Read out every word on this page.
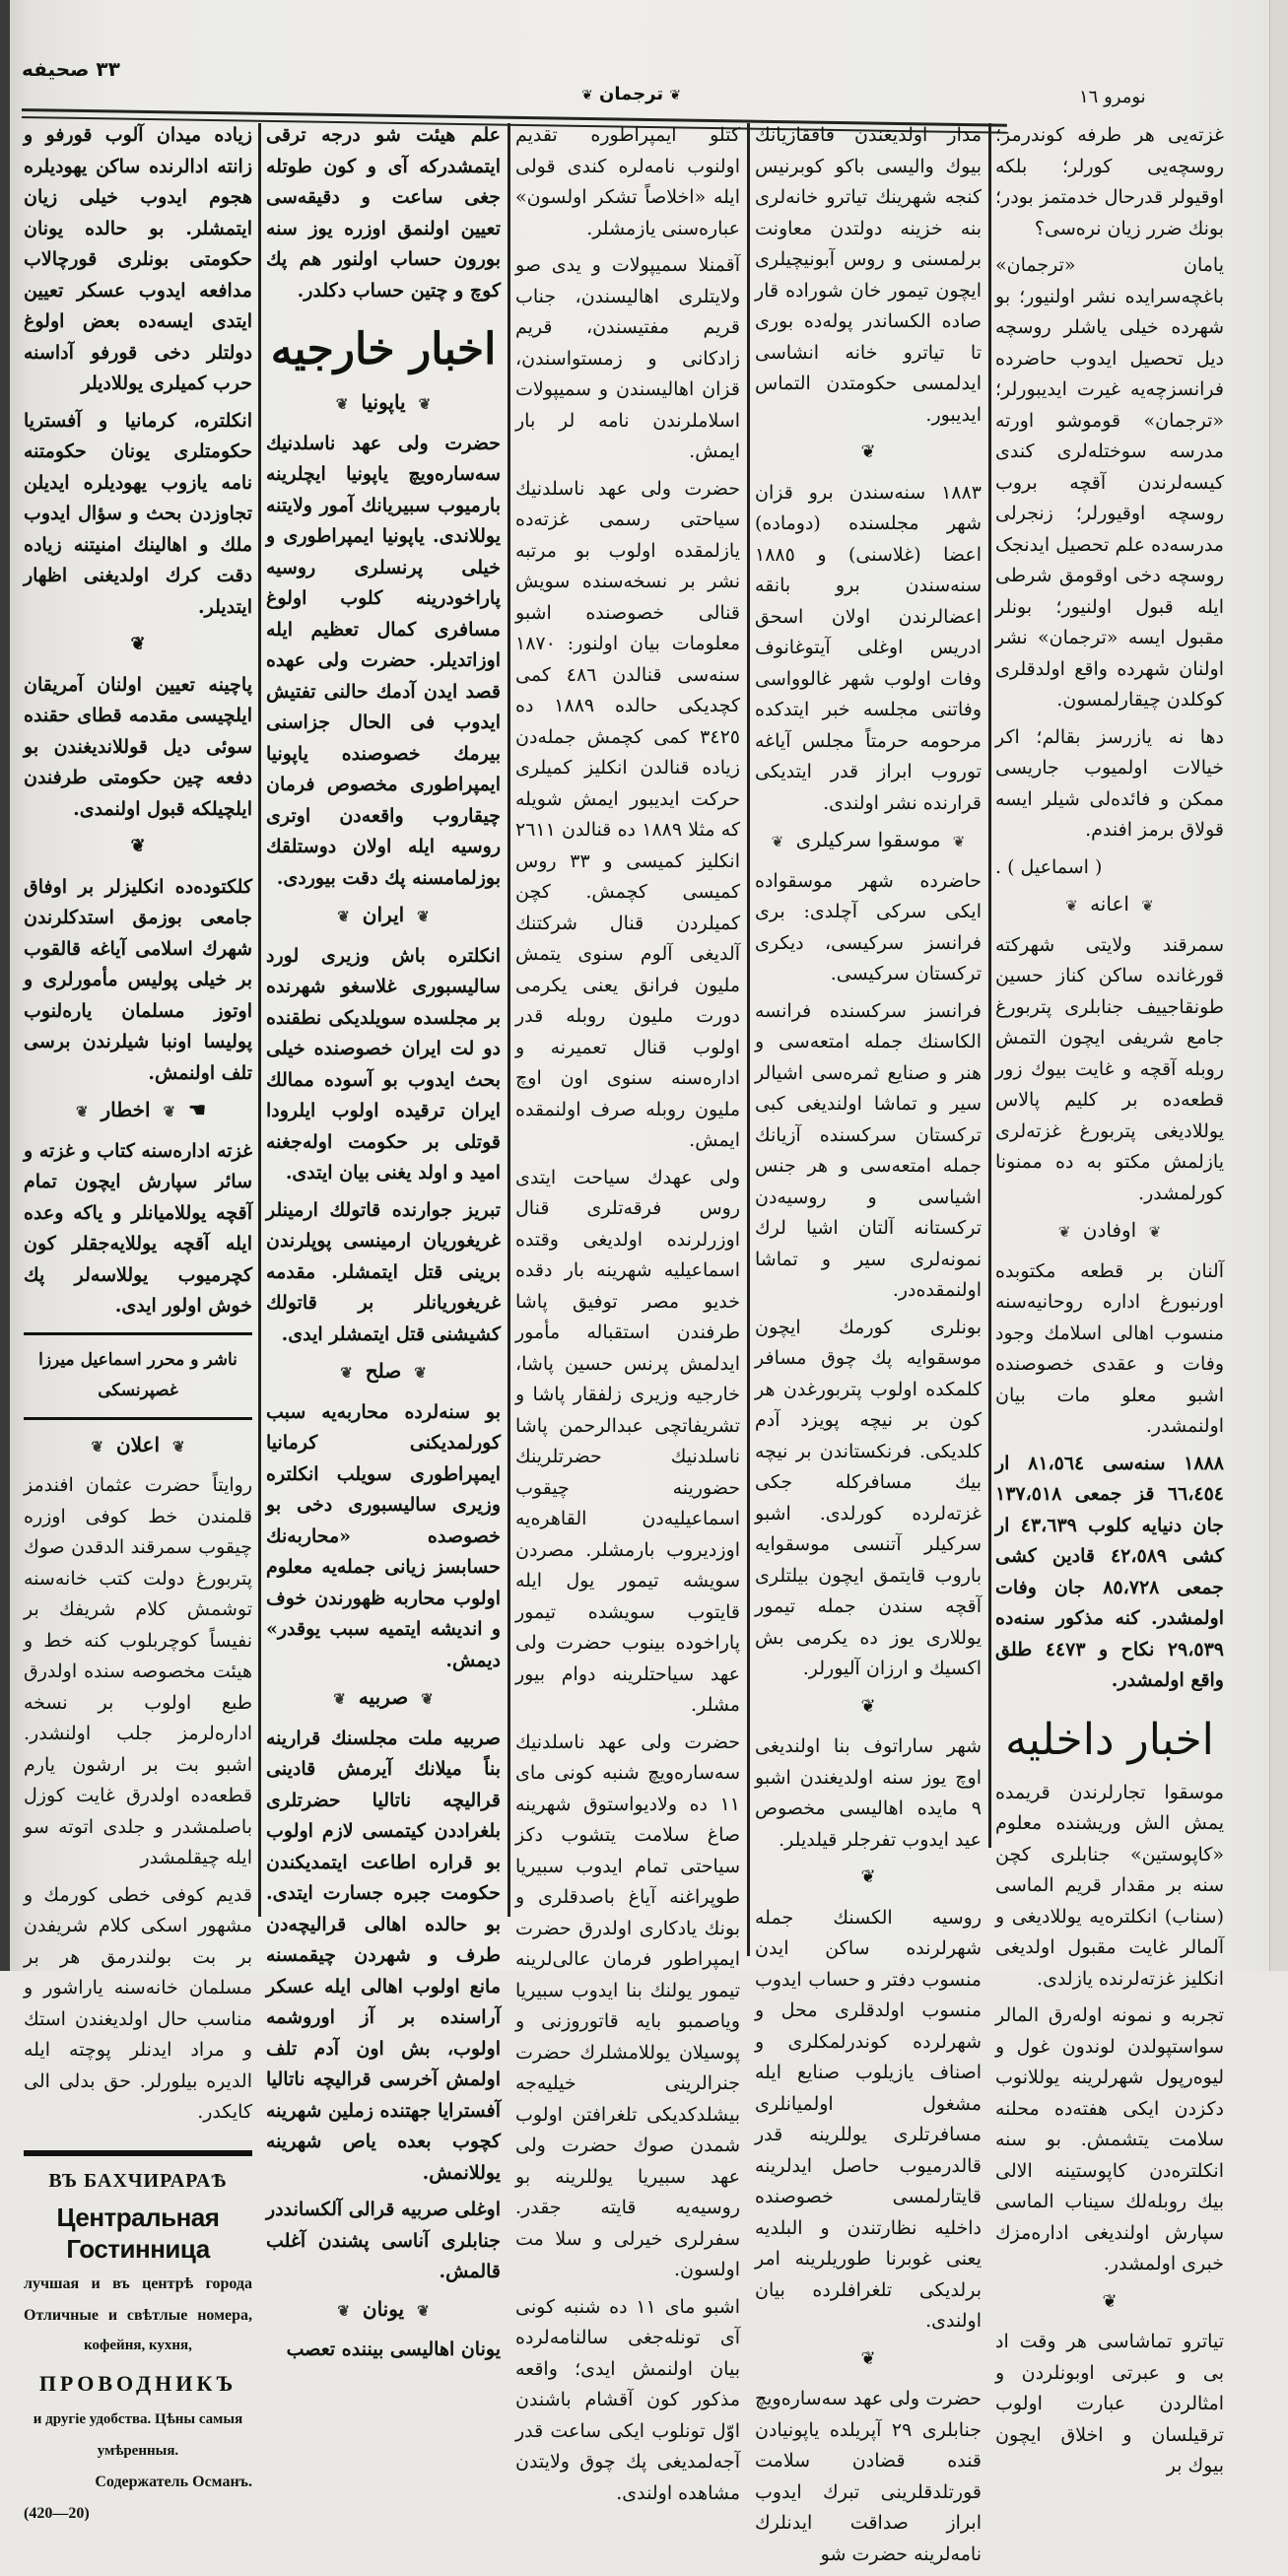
۳۳ صحیفه
❦ ترجمان ❦	نومرو ۱٦

زیاده میدان آلوب قورفو و زانته ادالرنده ساکن یهودیلره هجوم ایدوب خیلی زیان ایتمشلر. بو حالده یونان حکومتی بونلری قورچالاب مدافعه ایدوب عسکر تعیین ایتدی ایسه‌ده بعض اولوغ دولتلر دخی قورفو آداسنه حرب کمیلری یوللادیلر

انکلتره، کرمانیا و آفستریا حکومتلری یونان حکومتنه نامه یازوب یهودیلره ایدیلن تجاوزدن بحث و سؤال ایدوب ملك و اهالینك امنیتنه زیاده دقت کرك اولدیغنی اظهار ایتدیلر.

❦

پاچینه تعیین اولنان آمریقان ایلچیسی مقدمه قطای حقنده سوئی دیل قوللاندیغندن بو دفعه چین حکومتی طرفندن ایلچیلکه قبول اولنمدی.

❦

کلکتوده‌ده انکلیزلر بر اوفاق جامعی بوزمق استدکلرندن شهرك اسلامی آیاغه قالقوب بر خیلی پولیس مأمورلری و اوتوز مسلمان یاره‌لنوب پولیسا اونبا شیلرندن برسی تلف اولنمش.

☚ ❦ اخطار ❦

غزته اداره‌سنه کتاب و غزته و سائر سپارش ایچون تمام آقچه یوللامیانلر و یاکه وعده ایله آقچه یوللایه‌جقلر کون کچرمیوب یوللاسه‌لر پك خوش اولور ایدی.

ناشر و محرر اسماعیل میرزا غصپرنسکی
❦ اعلان ❦

روایتاً حضرت عثمان افندمز قلمندن خط کوفی اوزره چیقوب سمرقند الدقدن صوك پتربورغ دولت کتب خانه‌سنه توشمش کلام شریفك بر نفیساً کوچربلوب کنه خط و هیئت مخصوصه سنده اولدرق طبع اولوب بر نسخه اداره‌لرمز جلب اولنشدر. اشبو بت بر ارشون یارم قطعه‌ده اولدرق غایت کوزل باصلمشدر و جلدی اتوته سو ایله چیقلمشدر

قدیم کوفی خطی کورمك و مشهور اسکی کلام شریفدن بر بت بولندرمق هر بر مسلمان خانه‌سنه یاراشور و مناسب حال اولدیغندن استك و مراد ایدنلر پوچته ایله الدیره بیلورلر. حق بدلی الی کایکدر.

ВЪ БАХЧИРАРАѢ
Центральная Гостинница
лучшая и въ центрѣ города
Отличные и свѣтлые номера,
кофейня, кухня,
ПРОВОДНИКЪ
и другіе удобства. Цѣны самыя умѣренныя.
Содержатель Османъ.
(420—20)

علم هیئت شو درجه ترقی ایتمشدرکه آی و کون طوتله جغی ساعت و دقیقه‌سی تعیین اولنمق اوزره یوز سنه بورون حساب اولنور هم پك کوچ و چتین حساب دکلدر.

اخبار خارجیه
❦ یاپونیا ❦

حضرت ولی عهد ناسلدنیك سه‌ساره‌ویچ یاپونیا ایچلرینه بارمیوب سبیریانك آمور ولایتنه یوللاندی. یاپونیا ایمپراطوری و خیلی پرنسلری روسیه پاراخودرینه کلوب اولوغ مسافری کمال تعظیم ایله اوزاتدیلر. حضرت ولی عهده قصد ایدن آدمك حالنی تفتیش ایدوب فی الحال جزاسنی بیرمك خصوصنده یاپونیا ایمپراطوری مخصوص فرمان چیقاروب واقعه‌دن اوتری روسیه ایله اولان دوستلقك بوزلمامسنه پك دقت بیوردی.

❦ ایران ❦

انکلتره باش وزیری لورد سالیسبوری غلاسغو شهرنده بر مجلسده سویلدیکی نطقنده دو لت ایران خصوصنده خیلی بحث ایدوب بو آسوده ممالك ایران ترقیده اولوب ایلرودا قوتلی بر حکومت اوله‌جغنه امید و اولد یغنی بیان ایتدی.

تبریز جوارنده قاتولك ارمینلر غریغوریان ارمینسی پوپلرندن برینی قتل ایتمشلر. مقدمه غریغوریانلر بر قاتولك کشیشنی قتل ایتمشلر ایدی.

❦ صلح ❦

بو سنه‌لرده محاربه‌یه سبب کورلمدیکنی کرمانیا ایمپراطوری سویلب انکلتره وزیری سالیسبوری دخی بو خصوصده «محاربه‌نك حسابسز زیانی جمله‌یه معلوم اولوب محاربه ظهورندن خوف و اندیشه ایتمیه سبب یوقدر» دیمش.

❦ صربیه ❦

صربیه ملت مجلسنك قرارینه بناً میلانك آیرمش قادینی قرالیچه ناتالیا حضرتلری بلغراددن کیتمسی لازم اولوب بو قراره اطاعت ایتمدیکندن حکومت جبره جسارت ایتدی. بو حالده اهالی قرالیچه‌دن طرف و شهردن چیقمسنه مانع اولوب اهالی ایله عسکر آراسنده بر آز اوروشمه اولوب، بش اون آدم تلف اولمش آخرسی قرالیچه ناتالیا آفسترایا جهتنده زملین شهرینه کچوب بعده یاص شهرینه یوللانمش.

اوغلی صربیه قرالی آلکسانددر جنابلری آناسی پشندن آغلب قالمش.

❦ یونان ❦

یونان اهالیسی بیننده تعصب

کتلو ایمپراطوره تقدیم اولنوب نامه‌لره کندی قولی ایله «اخلاصاً تشکر اولسون» عباره‌سنی یازمشلر.

آقمنلا سمیپولات و یدی صو ولایتلری اهالیسندن، جناب قریم مفتیسندن، قریم زادکانی و زمستواسندن، قزان اهالیسندن و سمیپولات اسلاملرندن نامه لر بار ایمش.

حضرت ولی عهد ناسلدنیك سیاحتی رسمی غزته‌ده یازلمقده اولوب بو مرتبه نشر بر نسخه‌سنده سویش قنالی خصوصنده اشبو معلومات بیان اولنور: ۱۸۷۰ سنه‌سی قنالدن ٤۸٦ کمی کچدیکی حالده ۱۸۸۹ ده ۳٤۲٥ کمی کچمش جمله‌دن زیاده قنالدن انکلیز کمیلری حرکت ایدیبور ایمش شویله که مثلا ۱۸۸۹ ده قنالدن ۲٦۱۱ انکلیز کمیسی و ۳۳ روس کمیسی کچمش. کچن کمیلردن قنال شرکتنك آلدیغی آلوم سنوی یتمش ملیون فرانق یعنی یکرمی دورت ملیون روبله قدر اولوب قنال تعمیرنه و اداره‌سنه سنوی اون اوچ ملیون روبله صرف اولنمقده ایمش.

ولی عهدك سیاحت ایتدی روس فرقه‌تلری قنال اوزرلرنده اولدیغی وقتده اسماعیلیه شهرینه بار دقده خدیو مصر توفیق پاشا طرفندن استقباله مأمور ایدلمش پرنس حسین پاشا، خارجیه وزیری زلفقار پاشا و تشریفاتچی عبدالرحمن پاشا ناسلدنیك حضرتلرینك حضورینه چیقوب اسماعیلیه‌دن القاهره‌یه اوزدیروب بارمشلر. مصردن سویشه تیمور یول ایله قایتوب سویشده تیمور پاراخوده بینوب حضرت ولی عهد سیاحتلرینه دوام بیور مشلر.

حضرت ولی عهد ناسلدنیك سه‌ساره‌ویچ شنبه کونی مای ۱۱ ده ولادیواستوق شهرینه صاغ سلامت یتشوب دکز سیاحتی تمام ایدوب سبیریا طوپراغنه آیاغ باصدقلری و بونك یادکاری اولدرق حضرت ایمپراطور فرمان عالی‌لرینه تیمور یولنك بنا ایدوب سبیریا ویاصمبو بایه قاتوروزنی و پوسیلان یوللامشلرك حضرت جنرالرینی خیلیه‌جه بیشلدکدیکی تلغرافتن اولوب شمدن صوك حضرت ولی عهد سبیریا یوللرینه بو روسیه‌یه قایته جقدر. سفرلری خیرلی و سلا مت اولسون.

اشبو مای ۱۱ ده شنبه کونی آی تونله‌جغی سالنامه‌لرده بیان اولنمش ایدی؛ واقعه مذکور کون آقشام باشندن اوّل تونلوب ایکی ساعت قدر آجه‌لمدیغی پك چوق ولایتدن مشاهده اولندی.

مدار اولدیغندن قافقازیانك بیوك والیسی باکو کوبرنیس کنجه شهرینك تیاترو خانه‌لری بنه خزینه دولتدن معاونت برلمسنی و روس آبونیچیلری ایچون تیمور خان شوراده قار صاده الکساندر پوله‌ده بوری تا تیاترو خانه انشاسی ایدلمسی حکومتدن التماس ایدیبور.

❦

۱۸۸۳ سنه‌سندن برو قزان شهر مجلسنده (دوماده) اعضا (غلاسنی) و ۱۸۸٥ سنه‌سندن برو بانقه اعضالرندن اولان اسحق ادریس اوغلی آیتوغانوف وفات اولوب شهر غالوواسی وفاتنی مجلسه خبر ایتدکده مرحومه حرمتاً مجلس آیاغه توروب ابراز قدر ایتدیکی قرارنده نشر اولندی.

❦ موسقوا سرکیلری ❦

حاضرده شهر موسقواده ایکی سرکی آچلدی: بری فرانسز سرکیسی، دیکری ترکستان سرکیسی.

فرانسز سرکسنده فرانسه الکاسنك جمله امتعه‌سی و هنر و صنایع ثمره‌سی اشیالر سیر و تماشا اولندیغی کبی ترکستان سرکسنده آزیانك جمله امتعه‌سی و هر جنس اشیاسی و روسیه‌دن ترکستانه آلتان اشیا لرك نمونه‌لری سیر و تماشا اولنمقده‌در.

بونلری کورمك ایچون موسقوایه پك چوق مسافر کلمکده اولوب پتربورغدن هر کون بر نیچه پویزد آدم کلدیکی. فرنکستاندن بر نیچه بیك مسافرکله جکی غزته‌لرده کورلدی. اشبو سرکیلر آتنسی موسقوایه باروب قایتمق ایچون بیلتلری آقچه سندن جمله تیمور یوللاری یوز ده یکرمی بش اکسیك و ارزان آلیورلر.

❦

شهر ساراتوف بنا اولندیغی اوچ یوز سنه اولدیغندن اشبو ۹ مایده اهالیسی مخصوص عید ایدوب تفرجلر قیلدیلر.

❦

روسیه الکسنك جمله شهرلرنده ساکن ایدن منسوب دفتر و حساب ایدوب منسوب اولدقلری محل و شهرلرده کوندرلمکلری و اصناف یازیلوب صنایع ایله مشغول اولمیانلری مسافرتلری یوللرینه قدر قالدرمیوب حاصل ایدلرینه قایتارلمسی خصوصنده داخلیه نظارتندن و البلدیه یعنی غوبرنا طوریلرینه امر برلدیکی تلغرافلرده بیان اولندی.

❦

حضرت ولی عهد سه‌ساره‌ویچ جنابلری ۲۹ آپریلده یاپونیادن قنده قضادن سلامت قورتلدقلرینی تبرك ایدوب ابراز صداقت ایدنلرك نامه‌لرینه حضرت شو

غزته‌یی هر طرفه کوندرمز؛ روسچه‌یی کورلر؛ بلکه اوقیولر قدرحال خدمتمز بودر؛ بونك ضرر زیان نره‌سی؟

یامان «ترجمان» باغچه‌سرایده نشر اولنیور؛ بو شهرده خیلی یاشلر روسچه دیل تحصیل ایدوب حاضرده فرانسزچه‌یه غیرت ایدیبورلر؛ «ترجمان» قوموشو اورته مدرسه سوختله‌لری کندی کیسه‌لرندن آقچه بروب روسچه اوقیورلر؛ زنجرلی مدرسه‌ده علم تحصیل ایدنجک روسچه دخی اوقومق شرطی ایله قبول اولنیور؛ بونلر مقبول ایسه «ترجمان» نشر اولنان شهرده واقع اولدقلری کوکلدن چیقارلمسون.

دها نه یازرسز بقالم؛ اکر خیالات اولمیوب جاریسی ممکن و فائده‌لی شیلر ایسه قولاق برمز افندم.

( اسماعیل ) .
❦ اعانه ❦

سمرقند ولایتی شهرکته قورغانده ساکن کناز حسین طونقاجییف جنابلری پتربورغ جامع شریفی ایچون التمش روبله آقچه و غایت بیوك زور قطعه‌ده بر کلیم پالاس یوللادیغی پتربورغ غزته‌لری یازلمش مکتو به ده ممنونا کورلمشدر.

❦ اوفادن ❦

آلنان بر قطعه مکتوبده اورنبورغ اداره روحانیه‌سنه منسوب اهالی اسلامك وجود وفات و عقدی خصوصنده اشبو معلو مات بیان اولنمشدر.

۱۸۸۸ سنه‌سی ۸۱،٥٦٤ ار ٦٦،٤٥٤ قز جمعی ۱۳۷،٥۱۸ جان دنیایه کلوب ٤۳،٦۳۹ ار کشی ٤۲،٥۸۹ قادین کشی جمعی ۸٥،۷۲۸ جان وفات اولمشدر. کنه مذکور سنه‌ده ۲۹،٥۳۹ نکاح و ٤٤۷۳ طلق واقع اولمشدر.

اخبار داخلیه

موسقوا تجارلرندن قریمده یمش الش وریشنده معلوم «کاپوستین» جنابلری کچن سنه بر مقدار قریم الماسی (سناب) انکلتره‌یه یوللادیغی و آلمالر غایت مقبول اولدیغی انکلیز غزته‌لرنده یازلدی.

تجربه و نمونه اوله‌رق المالر سواستپولدن لوندون غول و لیوه‌رپول شهرلرینه یوللانوب دکزدن ایکی هفته‌ده محلنه سلامت یتشمش. بو سنه انکلتره‌دن کاپوستینه الالی بیك روبله‌لك سیناب الماسی سپارش اولندیغی اداره‌مزك خبری اولمشدر.

❦

تیاترو تماشاسی هر وقت اد بی و عبرتی اوبونلردن و امثالردن عبارت اولوب ترقیلسان و اخلاق ایچون بیوك بر
